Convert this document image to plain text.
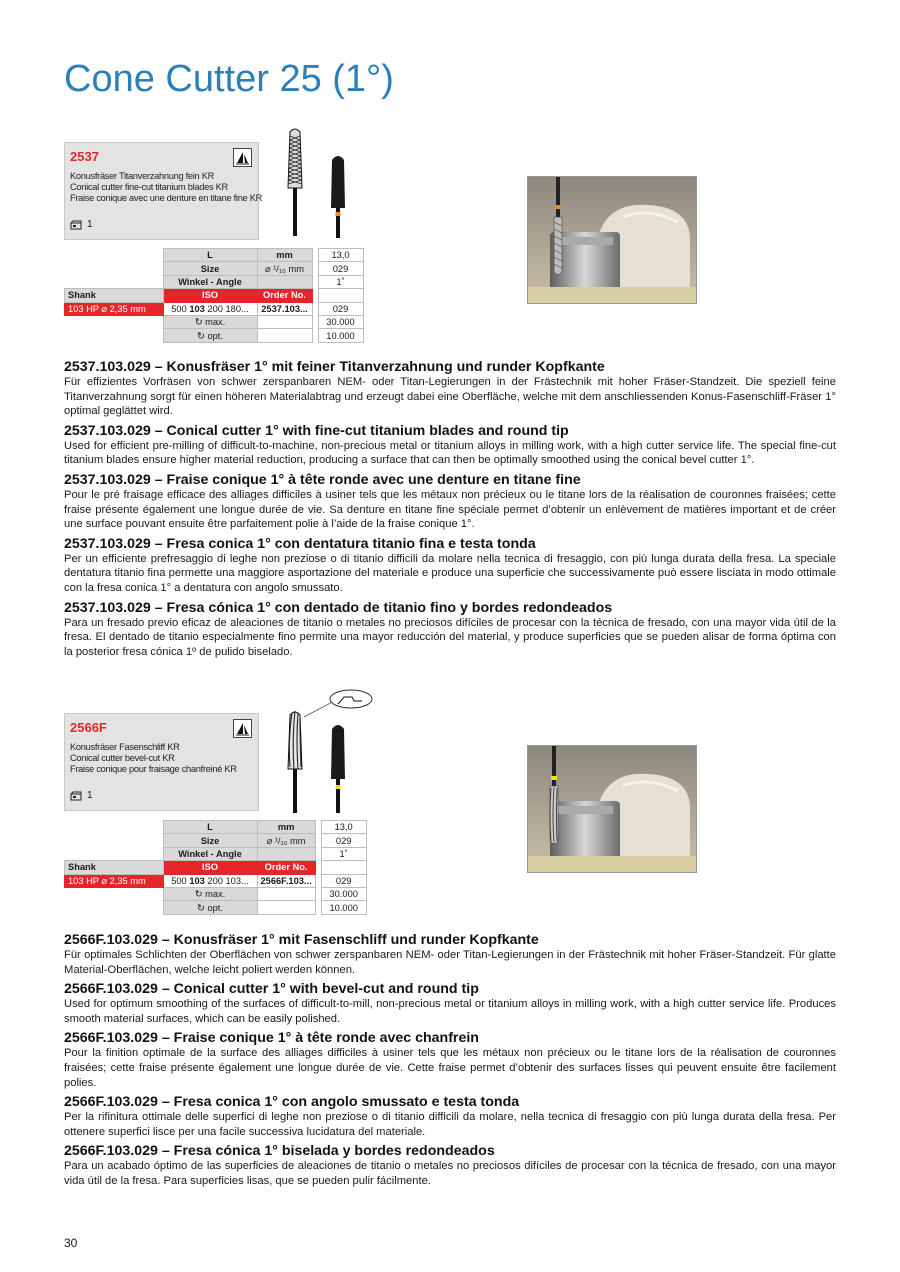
Cone Cutter 25 (1°)
2537
Konusfräser Titanverzahnung fein KR
Conical cutter fine-cut titanium blades KR
Fraise conique avec une denture en titane fine KR
1
	L	mm		13,0
	Size	⌀ ¹/₁₀ mm		029
	Winkel - Angle			1˚
Shank	ISO	Order No.		
103 HP ⌀ 2,35 mm	500 103 200 180...	2537.103...		029
	↻ max.			30.000
	↻ opt.			10.000
2537.103.029 – Konusfräser 1° mit feiner Titanverzahnung und runder Kopfkante

Für effizientes Vorfräsen von schwer zerspanbaren NEM- oder Titan-Legierungen in der Frästechnik mit hoher Fräser-Standzeit. Die speziell feine Titanverzahnung sorgt für einen höheren Materialabtrag und erzeugt dabei eine Oberfläche, welche mit dem anschliessenden Konus-Fasenschliff-Fräser 1° optimal geglättet wird.

2537.103.029 – Conical cutter 1° with fine-cut titanium blades and round tip

Used for efficient pre-milling of difficult-to-machine, non-precious metal or titanium alloys in milling work, with a high cutter service life. The special fine-cut titanium blades ensure higher material reduction, producing a surface that can then be optimally smoothed using the conical bevel cutter 1°.

2537.103.029 – Fraise conique 1° à tête ronde avec une denture en titane fine

Pour le pré fraisage efficace des alliages difficiles à usiner tels que les métaux non précieux ou le titane lors de la réalisation de couronnes fraisées; cette fraise présente également une longue durée de vie. Sa denture en titane fine spéciale permet d’obtenir un enlèvement de matières important et de créer une surface pouvant ensuite être parfaitement polie à l’aide de la fraise conique 1°.

2537.103.029 – Fresa conica 1° con dentatura titanio fina e testa tonda

Per un efficiente prefresaggio di leghe non preziose o di titanio difficili da molare nella tecnica di fresaggio, con più lunga durata della fresa. La speciale dentatura titanio fina permette una maggiore asportazione del materiale e produce una superficie che successivamente può essere lisciata in modo ottimale con la fresa conica 1° a dentatura con angolo smussato.

2537.103.029 – Fresa cónica 1° con dentado de titanio fino y bordes redondeados

Para un fresado previo eficaz de aleaciones de titanio o metales no preciosos difíciles de procesar con la técnica de fresado, con una mayor vida útil de la fresa. El dentado de titanio especialmente fino permite una mayor reducción del material, y produce superficies que se pueden alisar de forma óptima con la posterior fresa cónica 1º de pulido biselado.

2566F
Konusfräser Fasenschliff KR
Conical cutter bevel-cut KR
Fraise conique pour fraisage chanfreiné KR
1
	L	mm		13,0
	Size	⌀ ¹/₁₀ mm		029
	Winkel - Angle			1˚
Shank	ISO	Order No.		
103 HP ⌀ 2,35 mm	500 103 200 103...	2566F.103...		029
	↻ max.			30.000
	↻ opt.			10.000
2566F.103.029 – Konusfräser 1° mit Fasenschliff und runder Kopfkante

Für optimales Schlichten der Oberflächen von schwer zerspanbaren NEM- oder Titan-Legierungen in der Frästechnik mit hoher Fräser-Standzeit. Für glatte Material-Oberflächen, welche leicht poliert werden können.

2566F.103.029 – Conical cutter 1° with bevel-cut and round tip

Used for optimum smoothing of the surfaces of difficult-to-mill, non-precious metal or titanium alloys in milling work, with a high cutter service life. Produces smooth material surfaces, which can be easily polished.

2566F.103.029 – Fraise conique 1° à tête ronde avec chanfrein

Pour la finition optimale de la surface des alliages difficiles à usiner tels que les métaux non précieux ou le titane lors de la réalisation de couronnes fraisées; cette fraise présente également une longue durée de vie. Cette fraise permet d’obtenir des surfaces lisses qui peuvent ensuite être facilement polies.

2566F.103.029 – Fresa conica 1° con angolo smussato e testa tonda

Per la rifinitura ottimale delle superfici di leghe non preziose o di titanio difficili da molare, nella tecnica di fresaggio con più lunga durata della fresa. Per ottenere superfici lisce per una facile successiva lucidatura del materiale.

2566F.103.029 – Fresa cónica 1° biselada y bordes redondeados

Para un acabado óptimo de las superficies de aleaciones de titanio o metales no preciosos difíciles de procesar con la técnica de fresado, con una mayor vida útil de la fresa. Para superficies lisas, que se pueden pulir fácilmente.

30
